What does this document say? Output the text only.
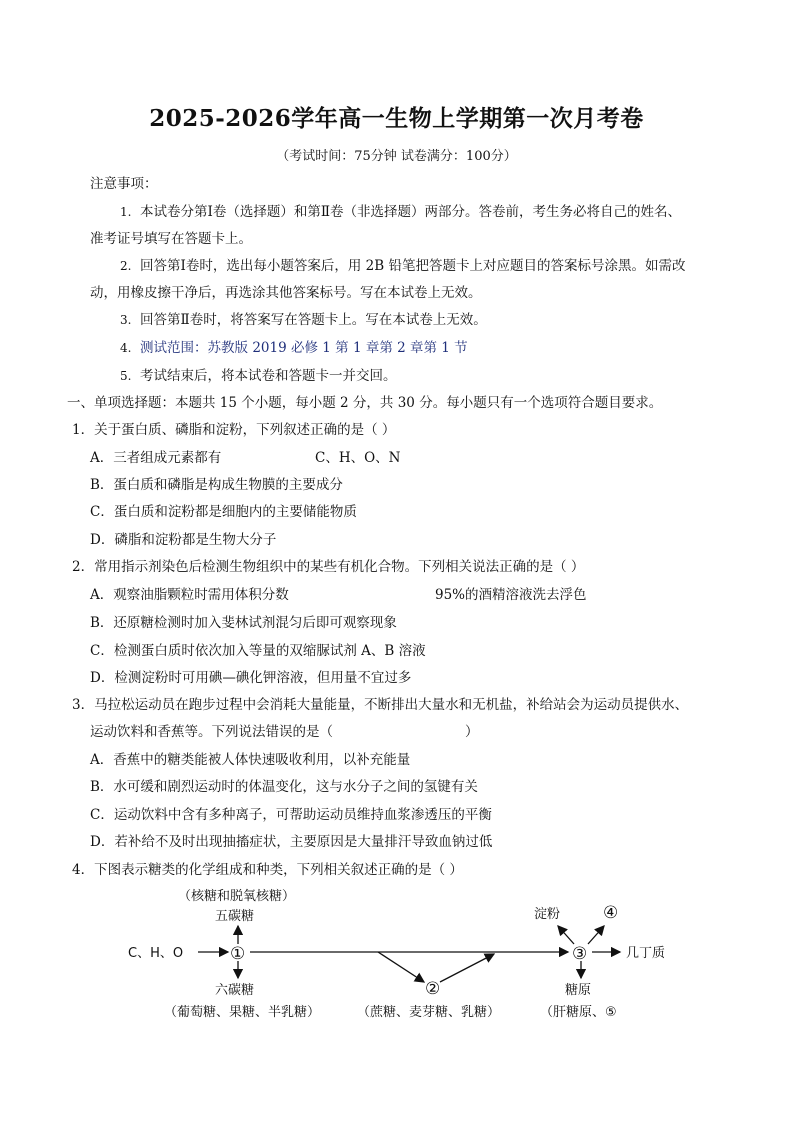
2025-2026学年高一生物上学期第一次月考卷
（考试时间：75分钟 试卷满分：100分）
注意事项：
1. 本试卷分第Ⅰ卷（选择题）和第Ⅱ卷（非选择题）两部分。答卷前，考生务必将自己的姓名、
准考证号填写在答题卡上。
2. 回答第Ⅰ卷时，选出每小题答案后，用 2B 铅笔把答题卡上对应题目的答案标号涂黑。如需改
动，用橡皮擦干净后，再选涂其他答案标号。写在本试卷上无效。
3. 回答第Ⅱ卷时，将答案写在答题卡上。写在本试卷上无效。
4. 测试范围：苏教版 2019 必修 1 第 1 章第 2 章第 1 节
5. 考试结束后，将本试卷和答题卡一并交回。
一、单项选择题：本题共 15 个小题，每小题 2 分，共 30 分。每小题只有一个选项符合题目要求。
1．关于蛋白质、磷脂和淀粉，下列叙述正确的是（ ）
A．三者组成元素都有	C、H、O、N
B．蛋白质和磷脂是构成生物膜的主要成分
C．蛋白质和淀粉都是细胞内的主要储能物质
D．磷脂和淀粉都是生物大分子
2．常用指示剂染色后检测生物组织中的某些有机化合物。下列相关说法正确的是（ ）
A．观察油脂颗粒时需用体积分数	95%的酒精溶液洗去浮色
B．还原糖检测时加入斐林试剂混匀后即可观察现象
C．检测蛋白质时依次加入等量的双缩脲试剂 A、B 溶液
D．检测淀粉时可用碘—碘化钾溶液，但用量不宜过多
3．马拉松运动员在跑步过程中会消耗大量能量，不断排出大量水和无机盐，补给站会为运动员提供水、
运动饮料和香蕉等。下列说法错误的是（	）
A．香蕉中的糖类能被人体快速吸收利用，以补充能量
B．水可缓和剧烈运动时的体温变化，这与水分子之间的氢键有关
C．运动饮料中含有多种离子，可帮助运动员维持血浆渗透压的平衡
D．若补给不及时出现抽搐症状，主要原因是大量排汗导致血钠过低
4．下图表示糖类的化学组成和种类，下列相关叙述正确的是（ ）
（核糖和脱氧核糖）
五碳糖
C、H、O	①
六碳糖
（葡萄糖、果糖、半乳糖）
②
（蔗糖、麦芽糖、乳糖）
淀粉	④
③	几丁质
糖原
（肝糖原、⑤
